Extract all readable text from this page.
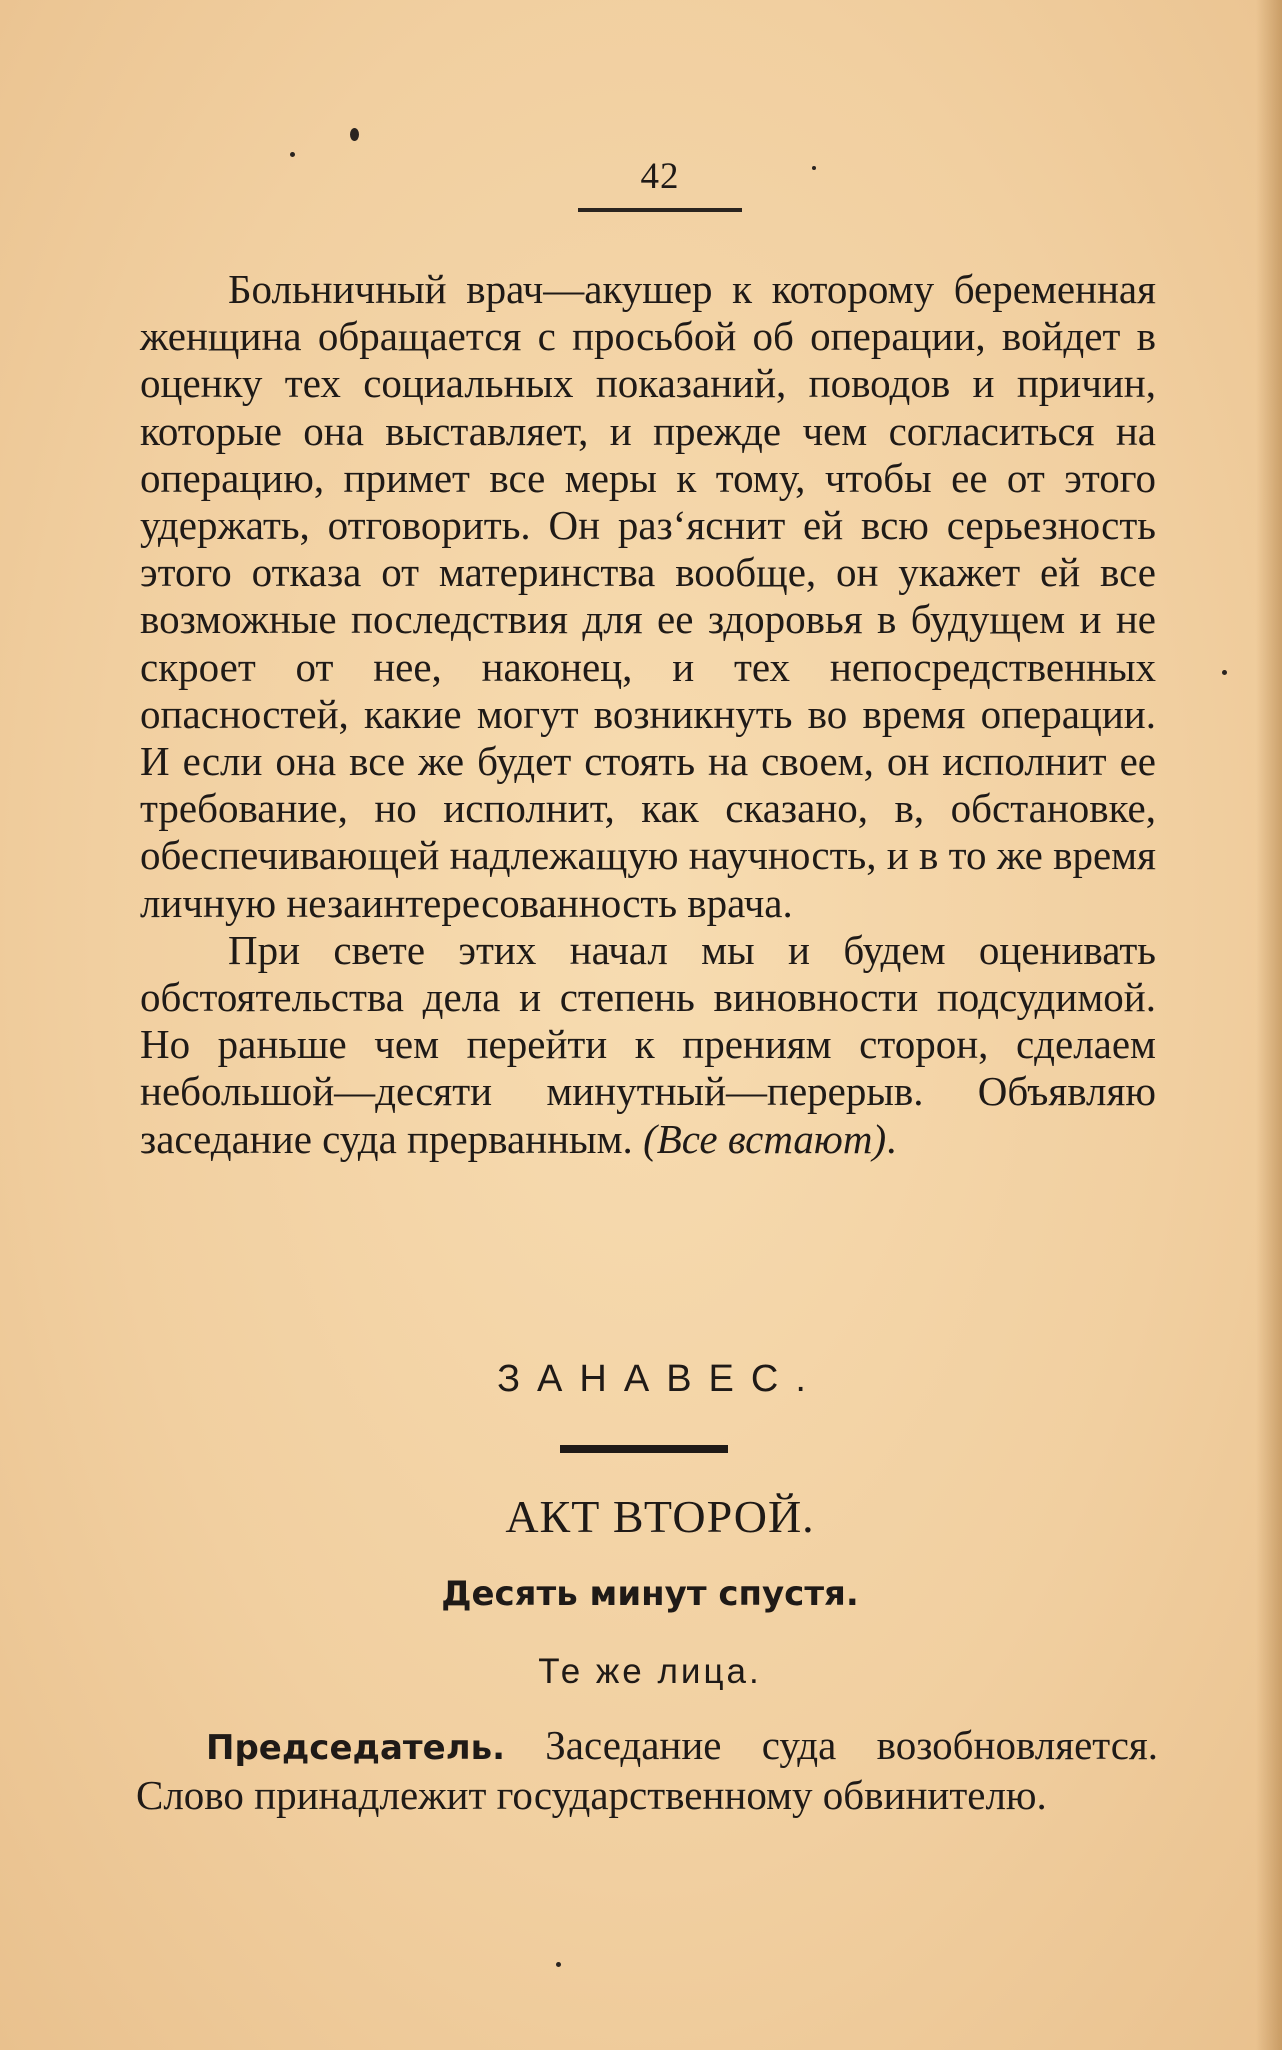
42

Больничный врач—акушер к которому беременная женщина обращается с просьбой об операции, войдет в оценку тех социальных показаний, поводов и причин, которые она выставляет, и прежде чем согласиться на операцию, примет все меры к тому, чтобы ее от этого удержать, отговорить. Он раз‘яснит ей всю серьезность этого отказа от материнства вообще, он укажет ей все возможные последствия для ее здоровья в будущем и не скроет от нее, наконец, и тех непосредственных опасностей, какие могут возникнуть во время операции. И если она все же будет стоять на своем, он исполнит ее требование, но исполнит, как сказано, в, обстановке, обеспечивающей надлежащую научность, и в то же время личную незаинтересованность врача.

При свете этих начал мы и будем оценивать обстоятельства дела и степень виновности подсудимой. Но раньше чем перейти к прениям сторон, сделаем небольшой—десяти минутный—перерыв. Объявляю заседание суда прерванным. (Все встают).

ЗАНАВЕС.
АКТ ВТОРОЙ.
Десять минут спустя.
Те же лица.

Председатель. Заседание суда возобновляется. Слово принадлежит государственному обвинителю.
